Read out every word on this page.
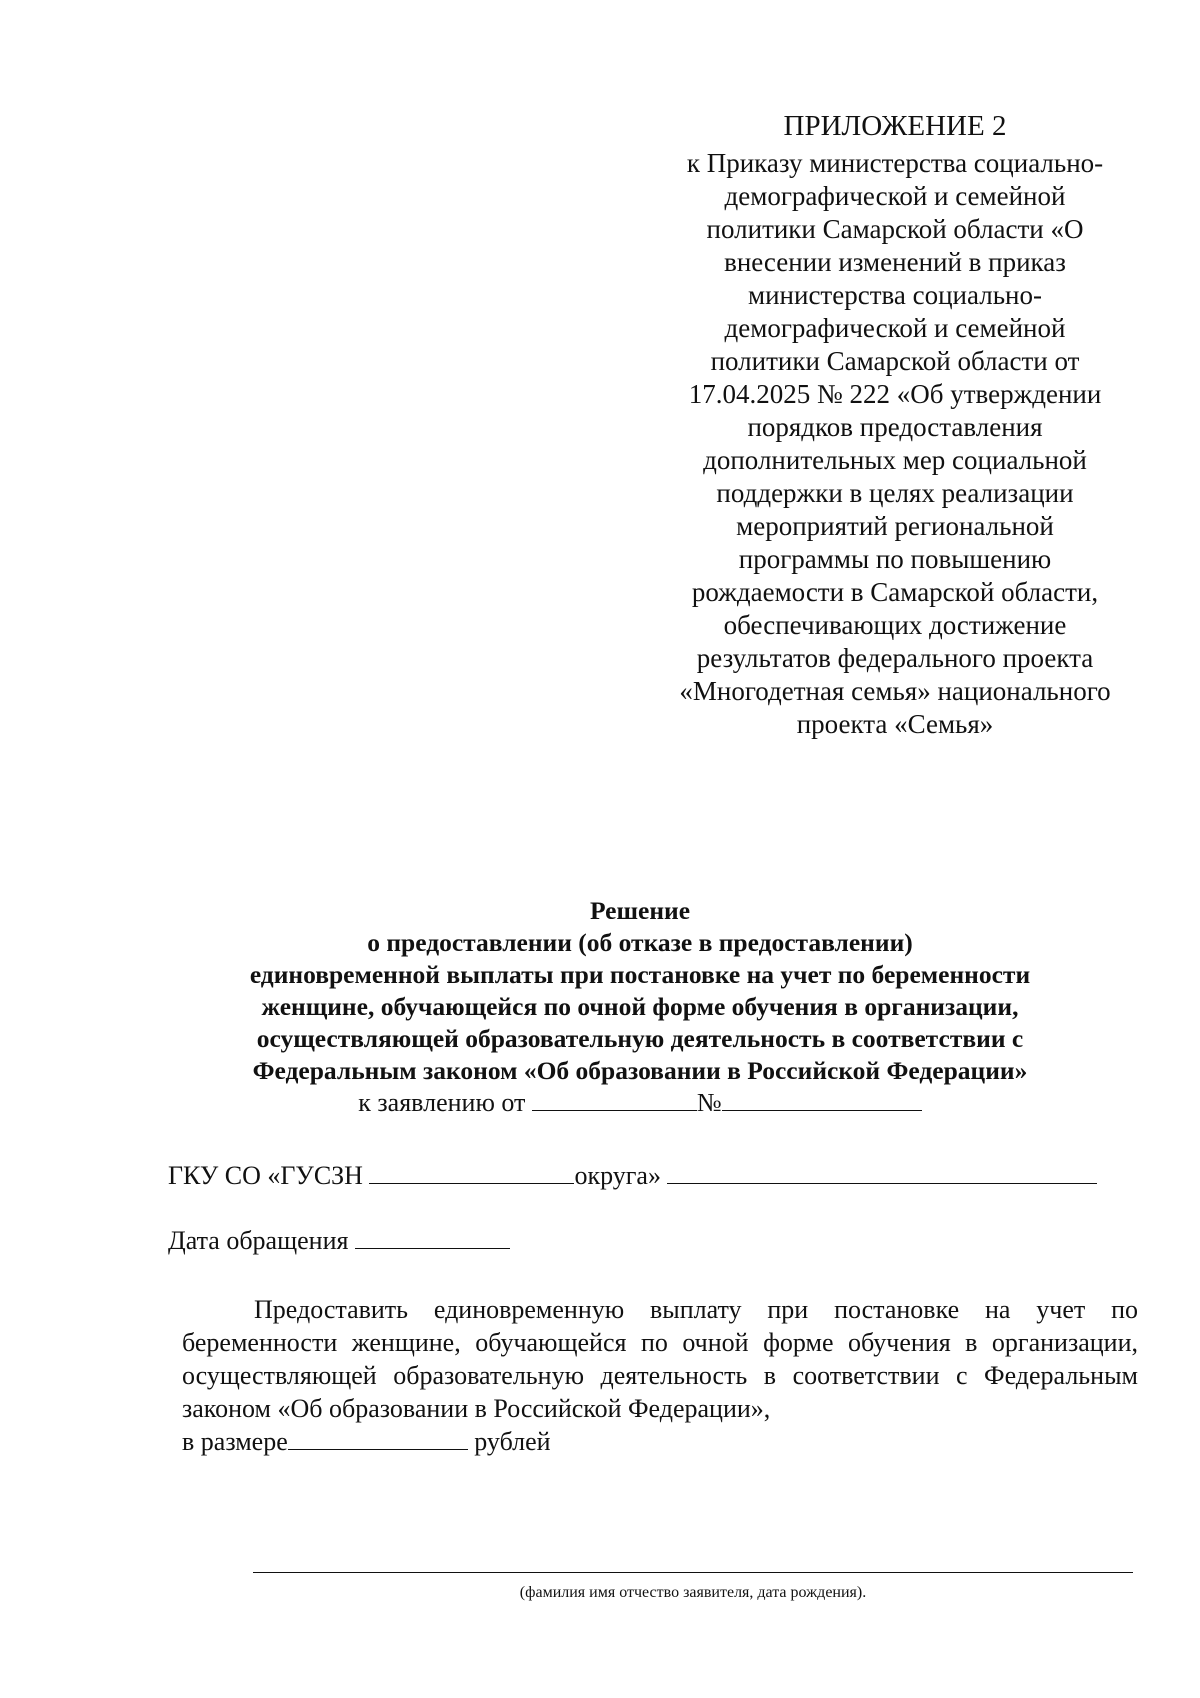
ПРИЛОЖЕНИЕ 2
к Приказу министерства социально-
демографической и семейной
политики Самарской области «О
внесении изменений в приказ
министерства социально-
демографической и семейной
политики Самарской области от
17.04.2025 № 222 «Об утверждении
порядков предоставления
дополнительных мер социальной
поддержки в целях реализации
мероприятий региональной
программы по повышению
рождаемости в Самарской области,
обеспечивающих достижение
результатов федерального проекта
«Многодетная семья» национального
проекта «Семья»
Решение
о предоставлении (об отказе в предоставлении)
единовременной выплаты при постановке на учет по беременности
женщине, обучающейся по очной форме обучения в организации,
осуществляющей образовательную деятельность в соответствии с
Федеральным законом «Об образовании в Российской Федерации»
к заявлению от	№
ГКУ СО «ГУСЗН	округа»
Дата обращения

Предоставить единовременную выплату при постановке на учет по беременности женщине, обучающейся по очной форме обучения в организации, осуществляющей образовательную деятельность в соответствии с Федеральным законом «Об образовании в Российской Федерации»,

в размере	рублей
(фамилия имя отчество заявителя, дата рождения).
